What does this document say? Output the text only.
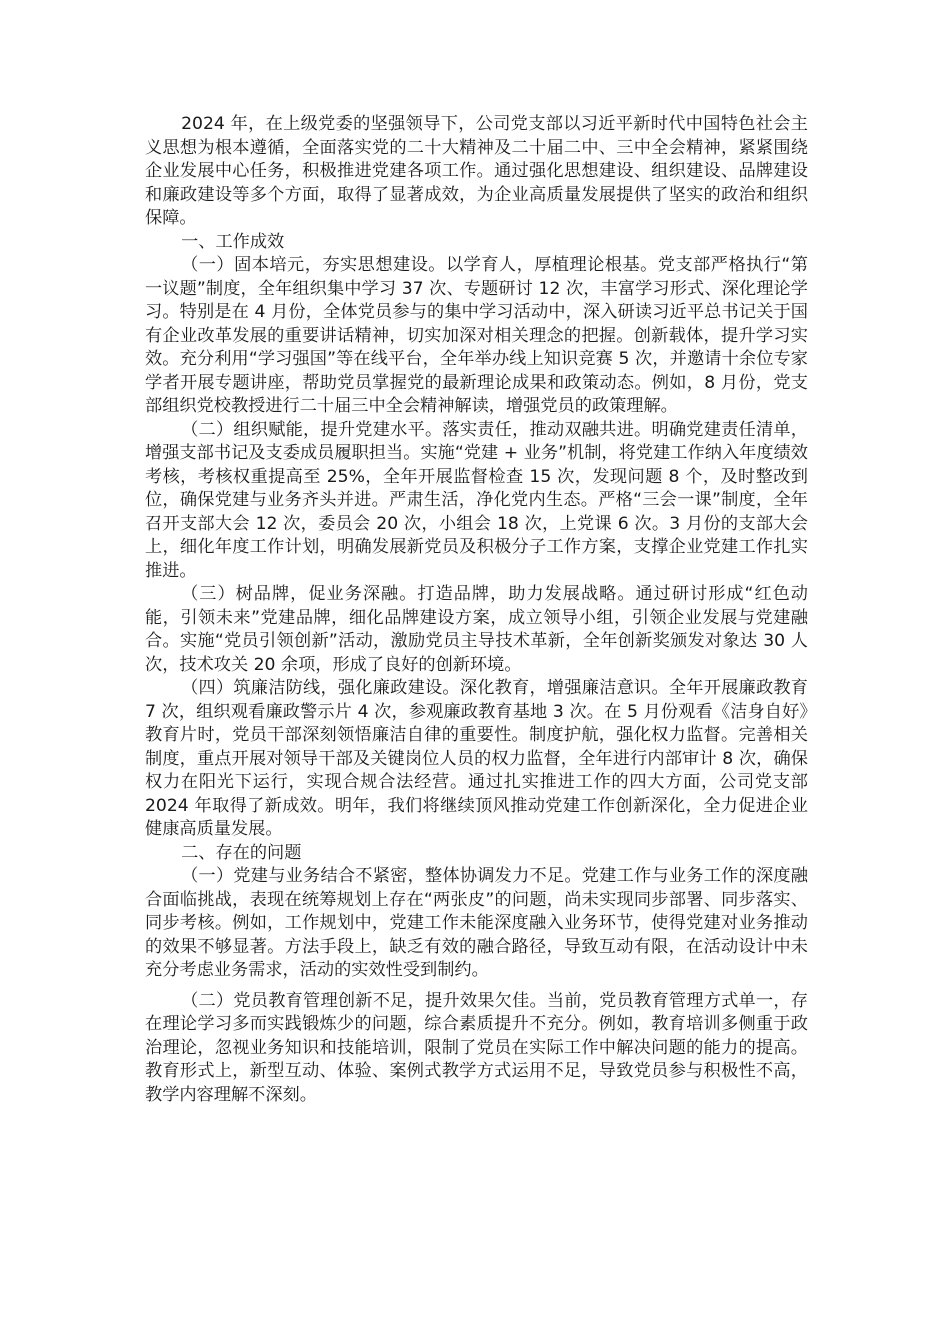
2024 年，在上级党委的坚强领导下，公司党支部以习近平新时代中国特色社会主义思想为根本遵循，全面落实党的二十大精神及二十届二中、三中全会精神，紧紧围绕企业发展中心任务，积极推进党建各项工作。通过强化思想建设、组织建设、品牌建设和廉政建设等多个方面，取得了显著成效，为企业高质量发展提供了坚实的政治和组织保障。

一、工作成效

（一）固本培元，夯实思想建设。以学育人，厚植理论根基。党支部严格执行“第一议题”制度，全年组织集中学习 37 次、专题研讨 12 次，丰富学习形式、深化理论学习。特别是在 4 月份，全体党员参与的集中学习活动中，深入研读习近平总书记关于国有企业改革发展的重要讲话精神，切实加深对相关理念的把握。创新载体，提升学习实效。充分利用“学习强国”等在线平台，全年举办线上知识竞赛 5 次，并邀请十余位专家学者开展专题讲座，帮助党员掌握党的最新理论成果和政策动态。例如，8 月份，党支部组织党校教授进行二十届三中全会精神解读，增强党员的政策理解。

（二）组织赋能，提升党建水平。落实责任，推动双融共进。明确党建责任清单，增强支部书记及支委成员履职担当。实施“党建 + 业务”机制，将党建工作纳入年度绩效考核，考核权重提高至 25%，全年开展监督检查 15 次，发现问题 8 个，及时整改到位，确保党建与业务齐头并进。严肃生活，净化党内生态。严格“三会一课”制度，全年召开支部大会 12 次，委员会 20 次，小组会 18 次，上党课 6 次。3 月份的支部大会上，细化年度工作计划，明确发展新党员及积极分子工作方案，支撑企业党建工作扎实推进。

（三）树品牌，促业务深融。打造品牌，助力发展战略。通过研讨形成“红色动能，引领未来”党建品牌，细化品牌建设方案，成立领导小组，引领企业发展与党建融合。实施“党员引领创新”活动，激励党员主导技术革新，全年创新奖颁发对象达 30 人次，技术攻关 20 余项，形成了良好的创新环境。

（四）筑廉洁防线，强化廉政建设。深化教育，增强廉洁意识。全年开展廉政教育 7 次，组织观看廉政警示片 4 次，参观廉政教育基地 3 次。在 5 月份观看《洁身自好》教育片时，党员干部深刻领悟廉洁自律的重要性。制度护航，强化权力监督。完善相关制度，重点开展对领导干部及关键岗位人员的权力监督，全年进行内部审计 8 次，确保权力在阳光下运行，实现合规合法经营。通过扎实推进工作的四大方面，公司党支部 2024 年取得了新成效。明年，我们将继续顶风推动党建工作创新深化，全力促进企业健康高质量发展。

二、存在的问题

（一）党建与业务结合不紧密，整体协调发力不足。党建工作与业务工作的深度融合面临挑战，表现在统筹规划上存在“两张皮”的问题，尚未实现同步部署、同步落实、同步考核。例如，工作规划中，党建工作未能深度融入业务环节，使得党建对业务推动的效果不够显著。方法手段上，缺乏有效的融合路径，导致互动有限，在活动设计中未充分考虑业务需求，活动的实效性受到制约。

（二）党员教育管理创新不足，提升效果欠佳。当前，党员教育管理方式单一，存在理论学习多而实践锻炼少的问题，综合素质提升不充分。例如，教育培训多侧重于政治理论，忽视业务知识和技能培训，限制了党员在实际工作中解决问题的能力的提高。教育形式上，新型互动、体验、案例式教学方式运用不足，导致党员参与积极性不高，教学内容理解不深刻。
